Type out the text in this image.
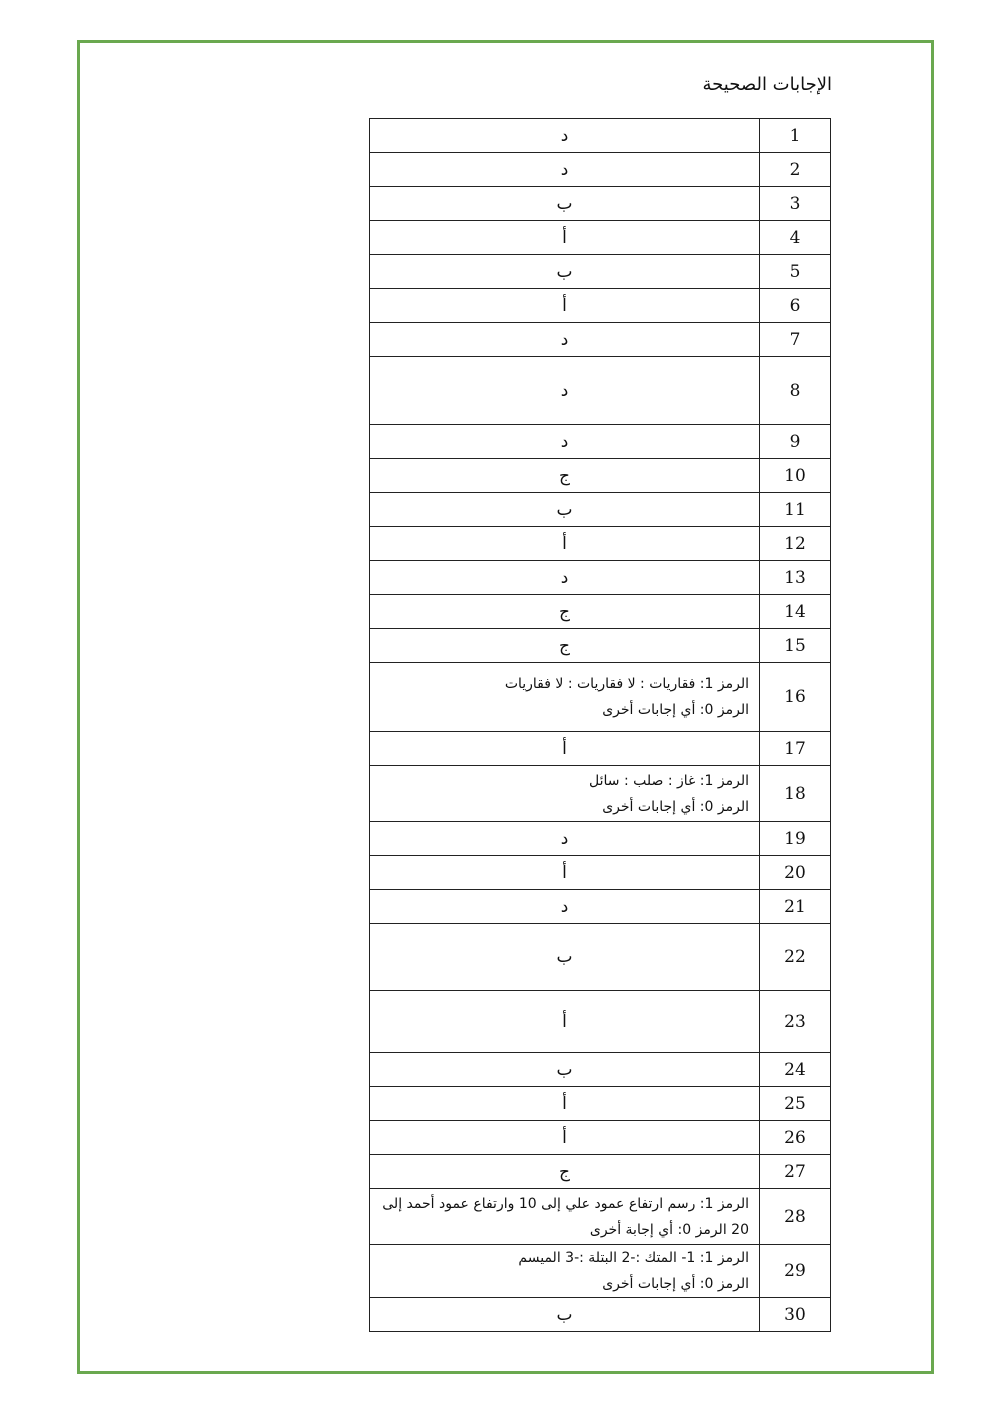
الإجابات الصحيحة
1	د

2	د

3	ب

4	أ

5	ب

6	أ

7	د

8	د

9	د

10	ج

11	ب

12	أ

13	د

14	ج

15	ج

16	الرمز 1: فقاريات : لا فقاريات : لا فقاريات
الرمز 0: أي إجابات أخرى

17	أ

18	الرمز 1: غاز : صلب : سائل
الرمز 0: أي إجابات أخرى

19	د

20	أ

21	د

22	ب

23	أ

24	ب

25	أ

26	أ

27	ج

28	الرمز 1: رسم ارتفاع عمود علي إلى 10 وارتفاع عمود أحمد إلى
20 الرمز 0: أي إجابة أخرى

29	الرمز 1: 1- المتك :-2 البتلة :-3 الميسم
الرمز 0: أي إجابات أخرى

30	ب
